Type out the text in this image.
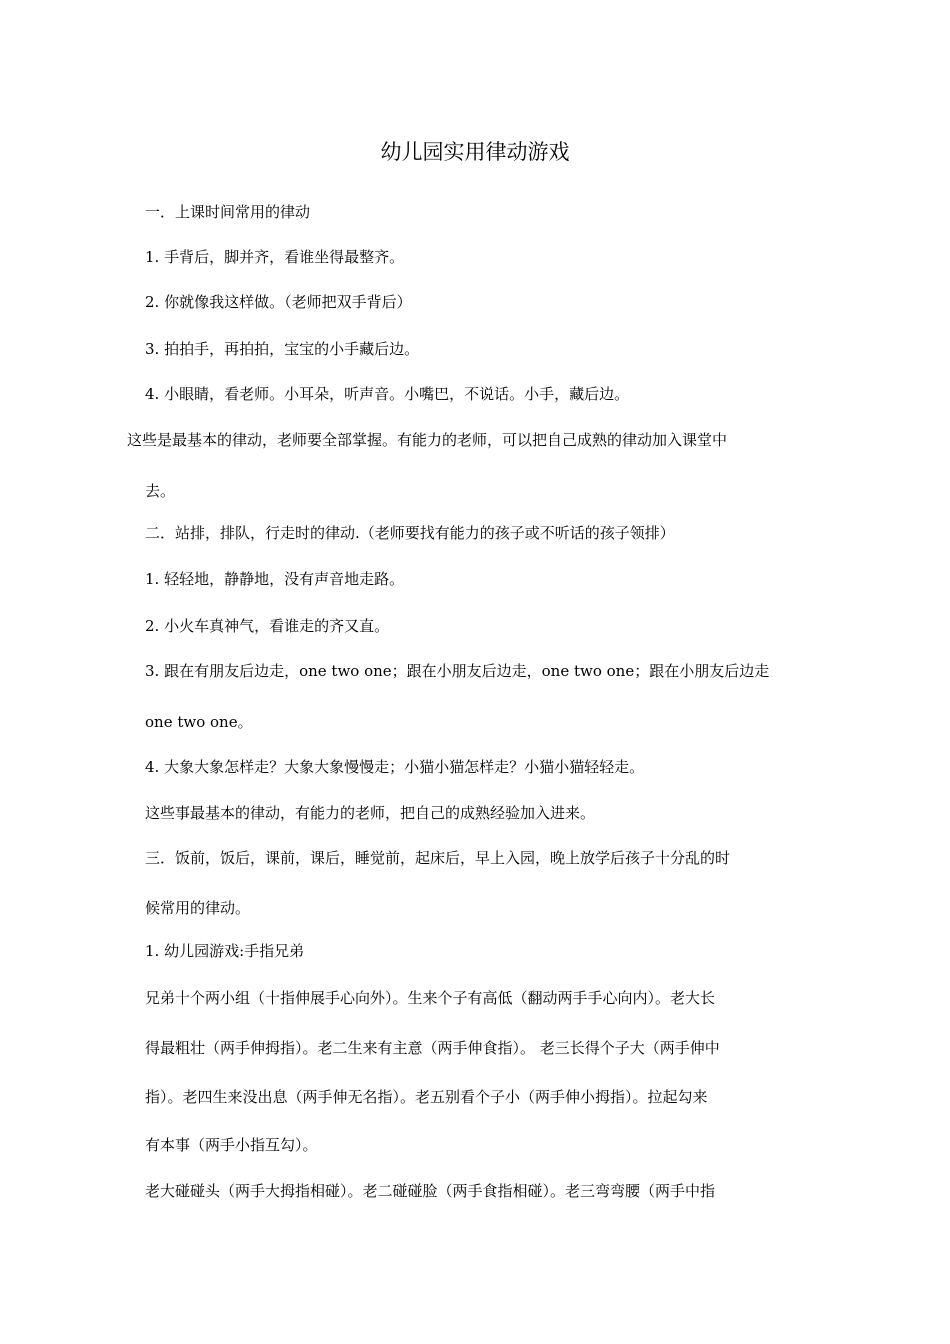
幼儿园实用律动游戏
一．上课时间常用的律动
1. 手背后，脚并齐，看谁坐得最整齐。
2. 你就像我这样做。（老师把双手背后）
3. 拍拍手，再拍拍，宝宝的小手藏后边。
4. 小眼睛，看老师。小耳朵，听声音。小嘴巴，不说话。小手，藏后边。
这些是最基本的律动，老师要全部掌握。有能力的老师，可以把自己成熟的律动加入课堂中
去。
二．站排，排队，行走时的律动.（老师要找有能力的孩子或不听话的孩子领排）
1. 轻轻地，静静地，没有声音地走路。
2. 小火车真神气，看谁走的齐又直。
3. 跟在有朋友后边走，one two one；跟在小朋友后边走，one two one；跟在小朋友后边走
one two one。
4. 大象大象怎样走？大象大象慢慢走；小猫小猫怎样走？小猫小猫轻轻走。
这些事最基本的律动，有能力的老师，把自己的成熟经验加入进来。
三．饭前，饭后，课前，课后，睡觉前，起床后，早上入园，晚上放学后孩子十分乱的时
候常用的律动。
1. 幼儿园游戏:手指兄弟
兄弟十个两小组（十指伸展手心向外）。生来个子有高低（翻动两手手心向内）。老大长
得最粗壮（两手伸拇指）。老二生来有主意（两手伸食指）。 老三长得个子大（两手伸中
指）。老四生来没出息（两手伸无名指）。老五别看个子小（两手伸小拇指）。拉起勾来
有本事（两手小指互勾）。
老大碰碰头（两手大拇指相碰）。老二碰碰脸（两手食指相碰）。老三弯弯腰（两手中指
